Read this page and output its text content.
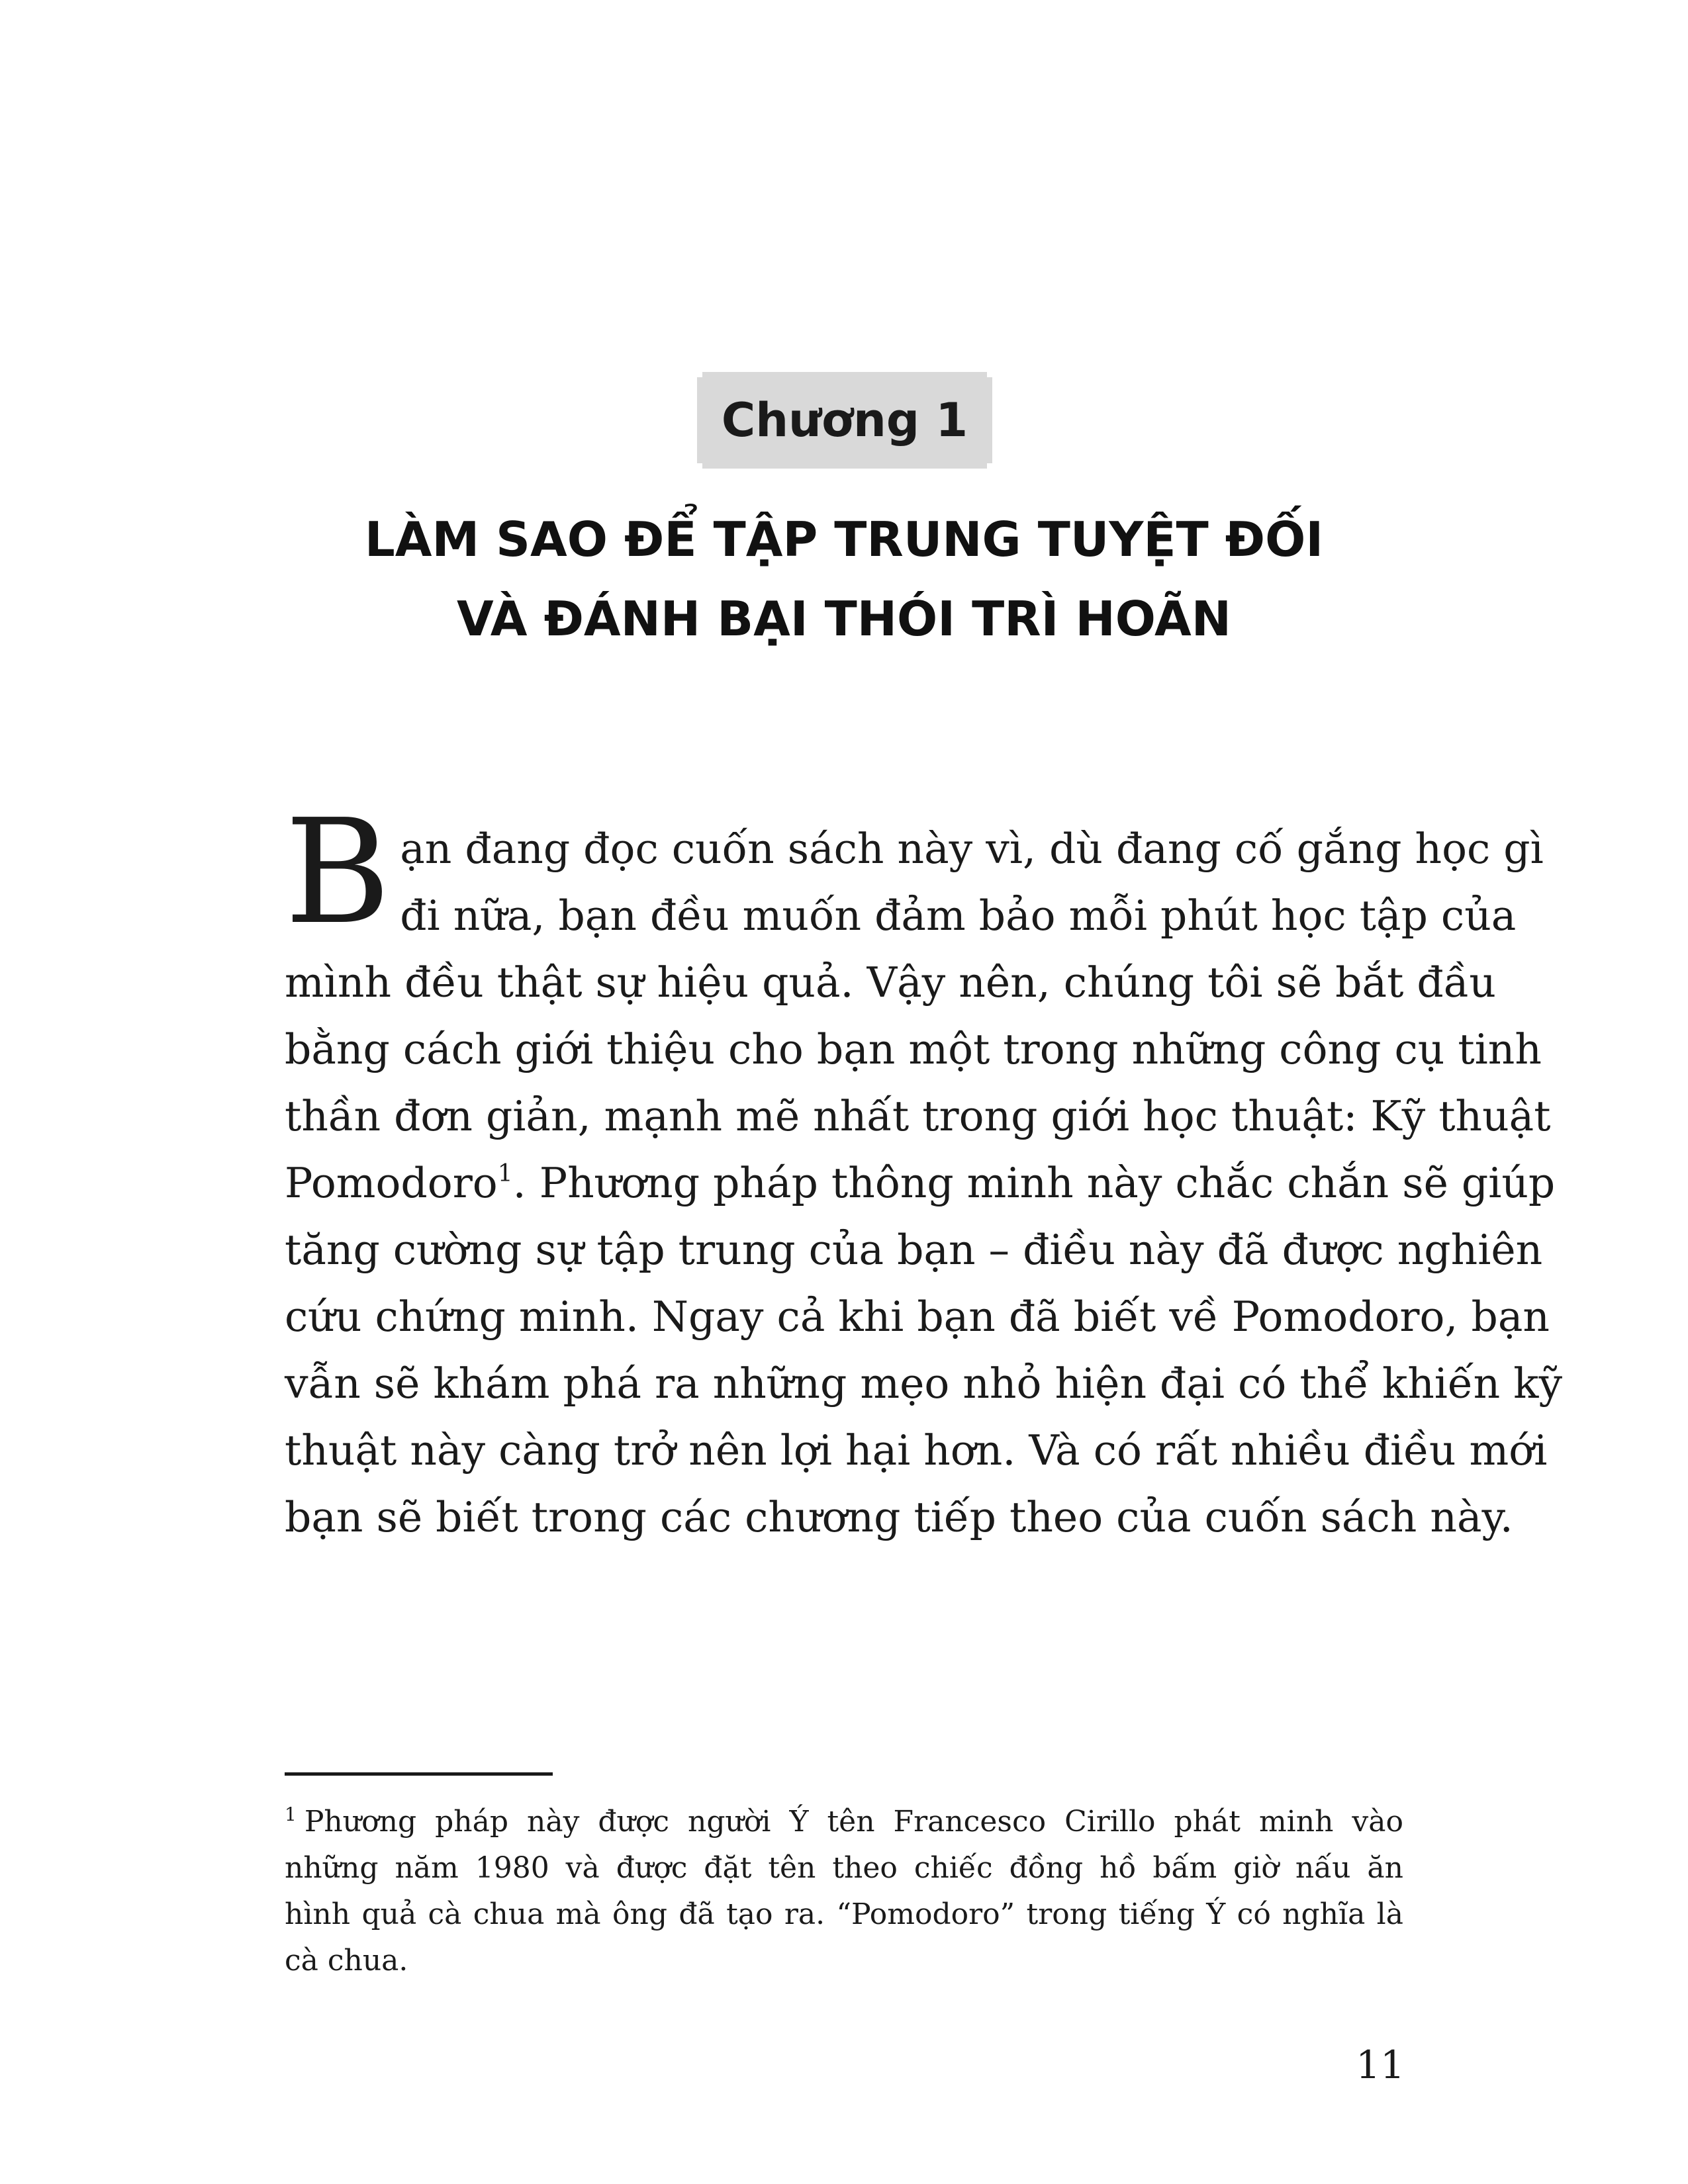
Chương 1

LÀM SAO ĐỂ TẬP TRUNG TUYỆT ĐỐI
VÀ ĐÁNH BẠI THÓI TRÌ HOÃN
B ạn đang đọc cuốn sách này vì, dù đang cố gắng học gì
đi nữa, bạn đều muốn đảm bảo mỗi phút học tập của
mình đều thật sự hiệu quả. Vậy nên, chúng tôi sẽ bắt đầu
bằng cách giới thiệu cho bạn một trong những công cụ tinh
thần đơn giản, mạnh mẽ nhất trong giới học thuật: Kỹ thuật
Pomodoro$^1$. Phương pháp thông minh này chắc chắn sẽ giúp
tăng cường sự tập trung của bạn – điều này đã được nghiên
cứu chứng minh. Ngay cả khi bạn đã biết về Pomodoro, bạn
vẫn sẽ khám phá ra những mẹo nhỏ hiện đại có thể khiến kỹ
thuật này càng trở nên lợi hại hơn. Và có rất nhiều điều mới
bạn sẽ biết trong các chương tiếp theo của cuốn sách này.
$^1$ Phương pháp này được người Ý tên Francesco Cirillo phát minh vào
những năm 1980 và được đặt tên theo chiếc đồng hồ bấm giờ nấu ăn
hình quả cà chua mà ông đã tạo ra. “Pomodoro” trong tiếng Ý có nghĩa là
cà chua.

11
